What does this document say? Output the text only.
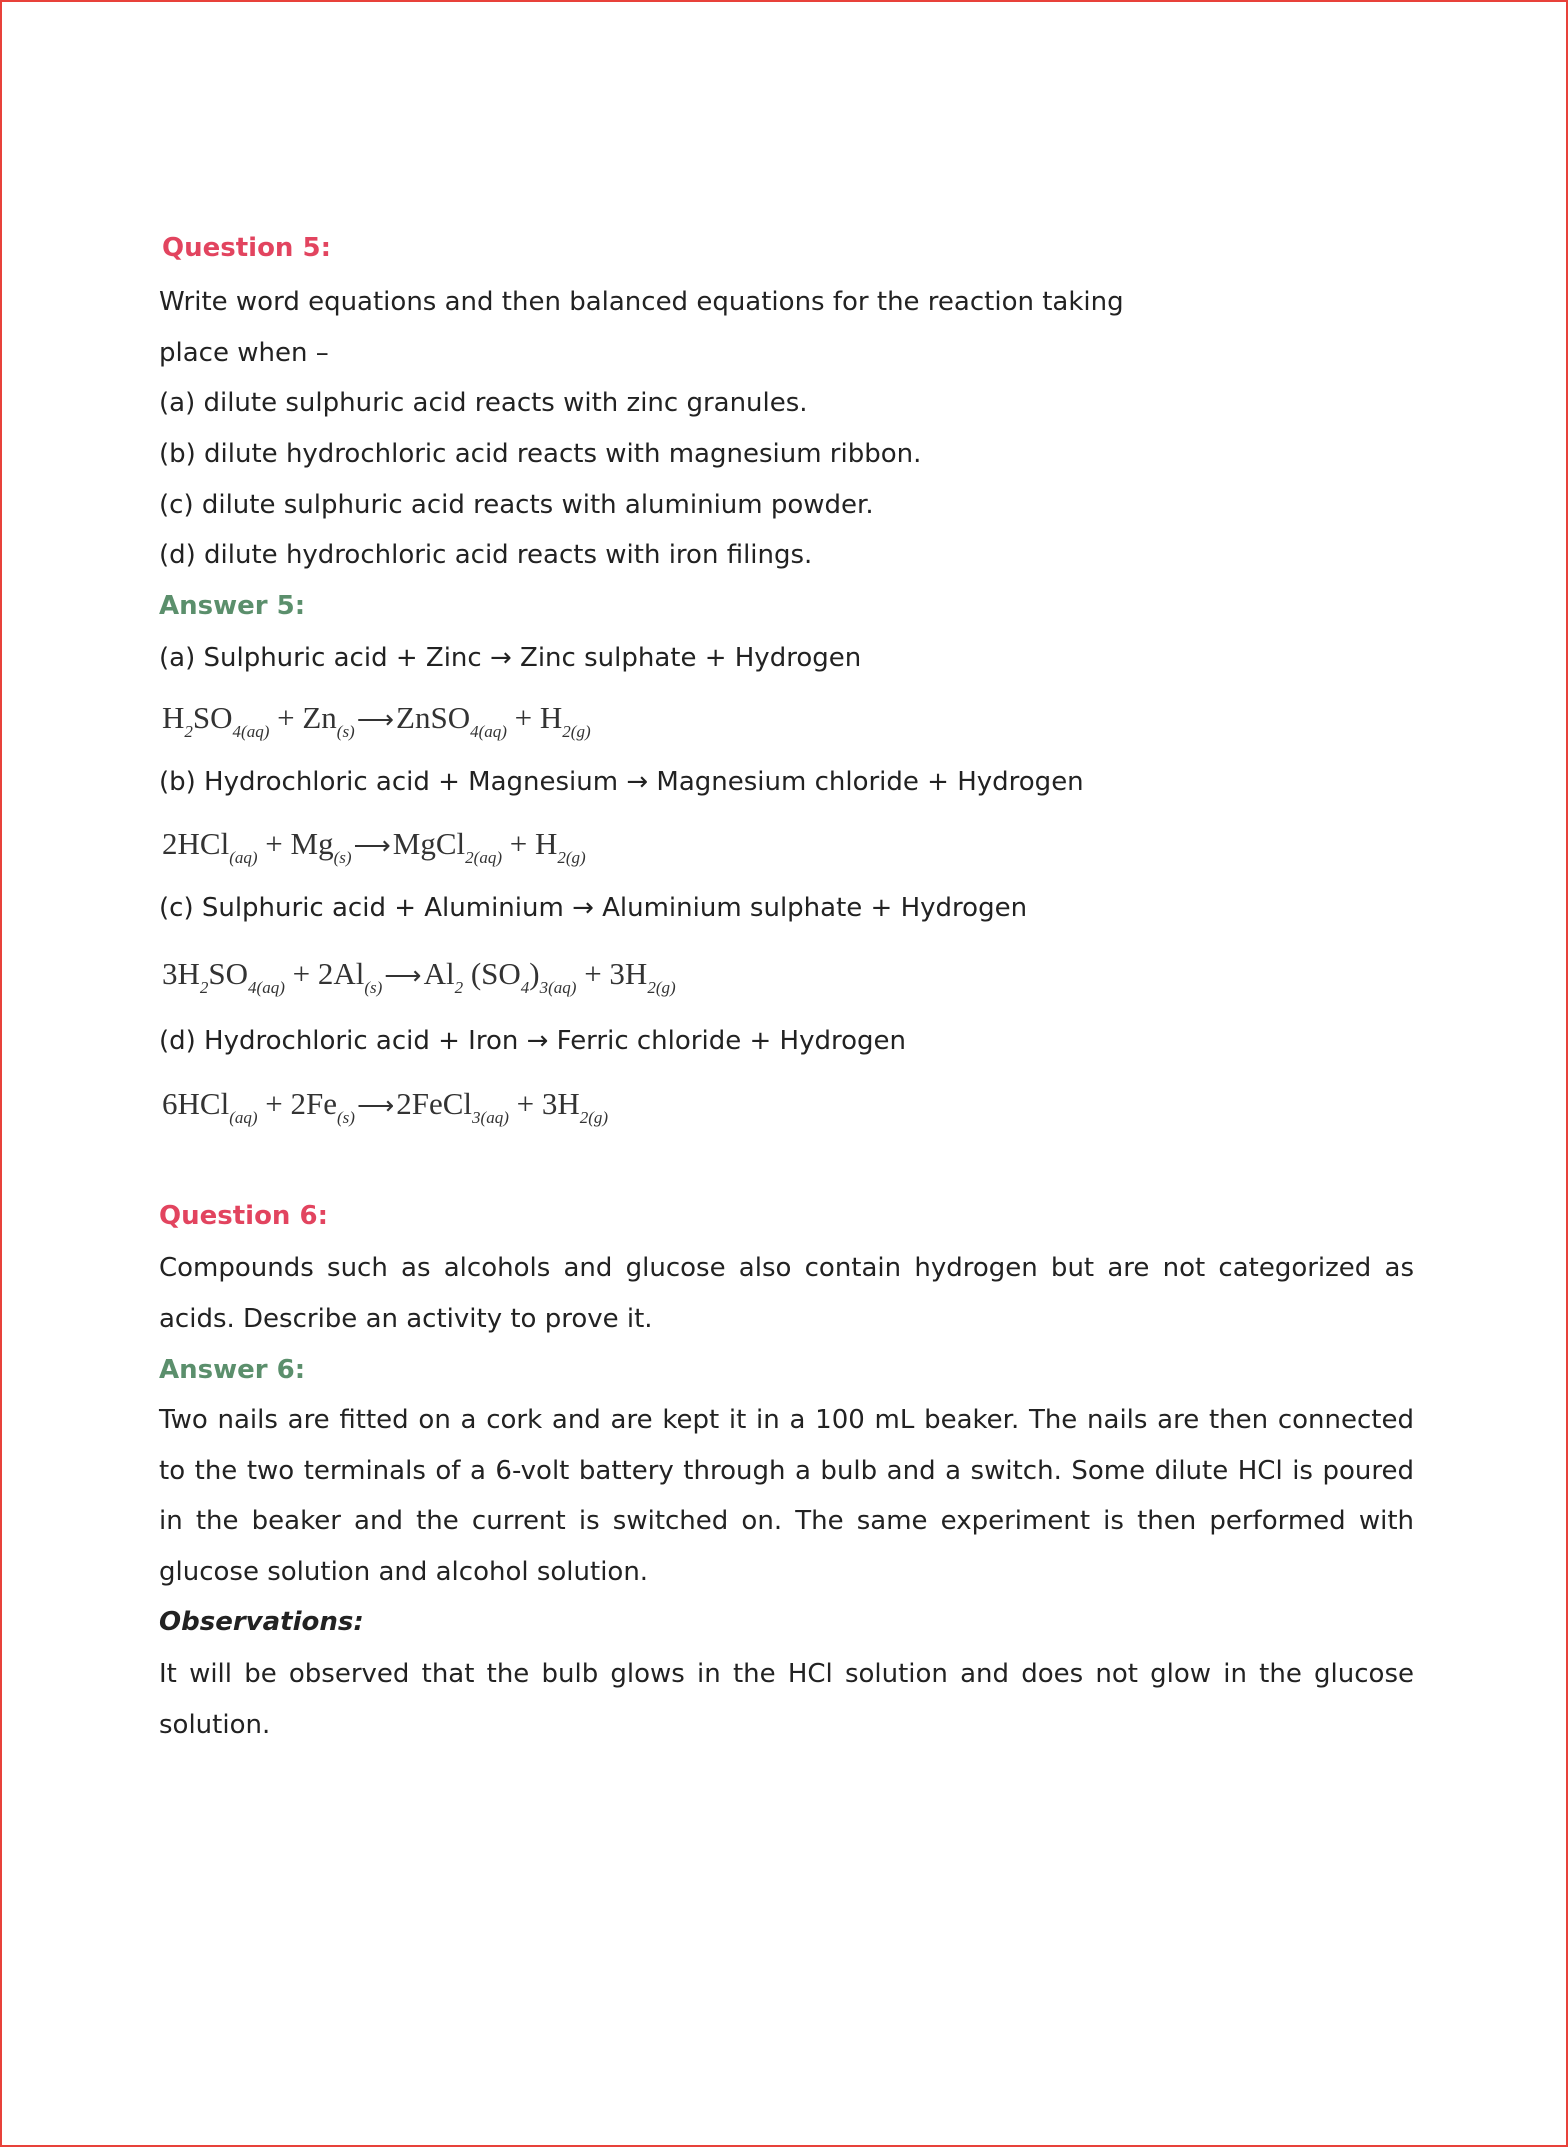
Question 5:
Write word equations and then balanced equations for the reaction taking
place when –
(a) dilute sulphuric acid reacts with zinc granules.
(b) dilute hydrochloric acid reacts with magnesium ribbon.
(c) dilute sulphuric acid reacts with aluminium powder.
(d) dilute hydrochloric acid reacts with iron filings.
Answer 5:
(a) Sulphuric acid + Zinc → Zinc sulphate + Hydrogen
$H_2SO_{4(aq)}$ + $Zn_{(s)}⟶ZnSO_{4(aq)} + H_{2(g)}$
(b) Hydrochloric acid + Magnesium → Magnesium chloride + Hydrogen
$2HCl_{(aq)} + Mg_{(s)}⟶MgCl_{2(aq)} + H_{2(g)}$
(c) Sulphuric acid + Aluminium → Aluminium sulphate + Hydrogen
$3H_2SO_{4(aq)}$ + $2Al_{(s)}⟶Al_2$ $(SO_4)_{3(aq)} + 3H_{2(g)}$
(d) Hydrochloric acid + Iron → Ferric chloride + Hydrogen
$6HCl_{(aq)} + 2Fe_{(s)}⟶2FeCl_{3(aq)} + 3H_{2(g)}$
Question 6:
Compounds such as alcohols and glucose also contain hydrogen but are not categorized as acids. Describe an activity to prove it.
Answer 6:
Two nails are fitted on a cork and are kept it in a 100 mL beaker. The nails are then connected to the two terminals of a 6-volt battery through a bulb and a switch. Some dilute HCl is poured in the beaker and the current is switched on. The same experiment is then performed with glucose solution and alcohol solution.
Observations:
It will be observed that the bulb glows in the HCl solution and does not glow in the glucose solution.
